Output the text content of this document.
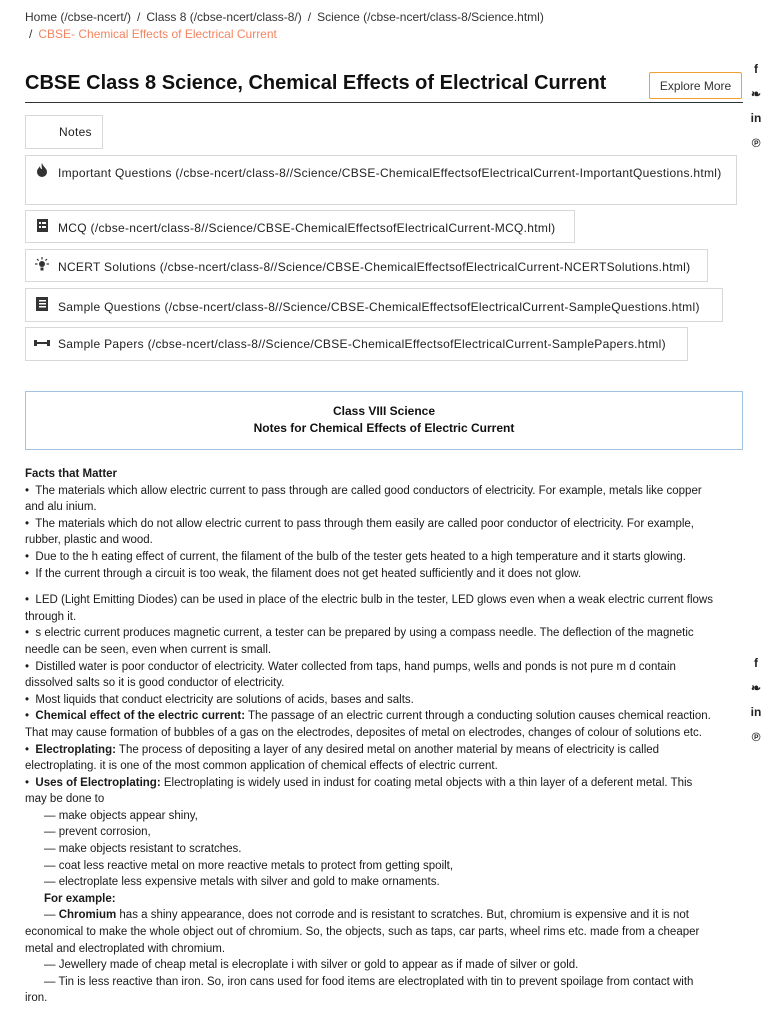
Home (/cbse-ncert/) / Class 8 (/cbse-ncert/class-8/) / Science (/cbse-ncert/class-8/Science.html)
/ CBSE- Chemical Effects of Electrical Current
CBSE Class 8 Science, Chemical Effects of Electrical Current	Explore More
f
❧
in
℗
f
❧
in
℗
Notes
Important Questions (/cbse-ncert/class-8//Science/CBSE-ChemicalEffectsofElectricalCurrent-ImportantQuestions.html)
MCQ (/cbse-ncert/class-8//Science/CBSE-ChemicalEffectsofElectricalCurrent-MCQ.html)
NCERT Solutions (/cbse-ncert/class-8//Science/CBSE-ChemicalEffectsofElectricalCurrent-NCERTSolutions.html)
Sample Questions (/cbse-ncert/class-8//Science/CBSE-ChemicalEffectsofElectricalCurrent-SampleQuestions.html)
Sample Papers (/cbse-ncert/class-8//Science/CBSE-ChemicalEffectsofElectricalCurrent-SamplePapers.html)
Class VIII Science
Notes for Chemical Effects of Electric Current

Facts that Matter

• The materials which allow electric current to pass through are called good conductors of electricity. For example, metals like copper and alu inium.

• The materials which do not allow electric current to pass through them easily are called poor conductor of electricity. For example, rubber, plastic and wood.

• Due to the h eating effect of current, the filament of the bulb of the tester gets heated to a high temperature and it starts glowing.

• If the current through a circuit is too weak, the filament does not get heated sufficiently and it does not glow.

• LED (Light Emitting Diodes) can be used in place of the electric bulb in the tester, LED glows even when a weak electric current flows through it.

• s electric current produces magnetic current, a tester can be prepared by using a compass needle. The deflection of the magnetic needle can be seen, even when current is small.

• Distilled water is poor conductor of electricity. Water collected from taps, hand pumps, wells and ponds is not pure m d contain dissolved salts so it is good conductor of electricity.

• Most liquids that conduct electricity are solutions of acids, bases and salts.

• Chemical effect of the electric current: The passage of an electric current through a conducting solution causes chemical reaction. That may cause formation of bubbles of a gas on the electrodes, deposites of metal on electrodes, changes of colour of solutions etc.

• Electroplating: The process of depositing a layer of any desired metal on another material by means of electricity is called electroplating. it is one of the most common application of chemical effects of electric current.

• Uses of Electroplating: Electroplating is widely used in indust for coating metal objects with a thin layer of a deferent metal. This may be done to

— make objects appear shiny,

— prevent corrosion,

— make objects resistant to scratches.

— coat less reactive metal on more reactive metals to protect from getting spoilt,

— electroplate less expensive metals with silver and gold to make ornaments.

For example:

— Chromium has a shiny appearance, does not corrode and is resistant to scratches. But, chromium is expensive and it is not economical to make the whole object out of chromium. So, the objects, such as taps, car parts, wheel rims etc. made from a cheaper metal and electroplated with chromium.

— Jewellery made of cheap metal is elecroplate i with silver or gold to appear as if made of silver or gold.

— Tin is less reactive than iron. So, iron cans used for food items are electroplated with tin to prevent spoilage from contact with iron.
